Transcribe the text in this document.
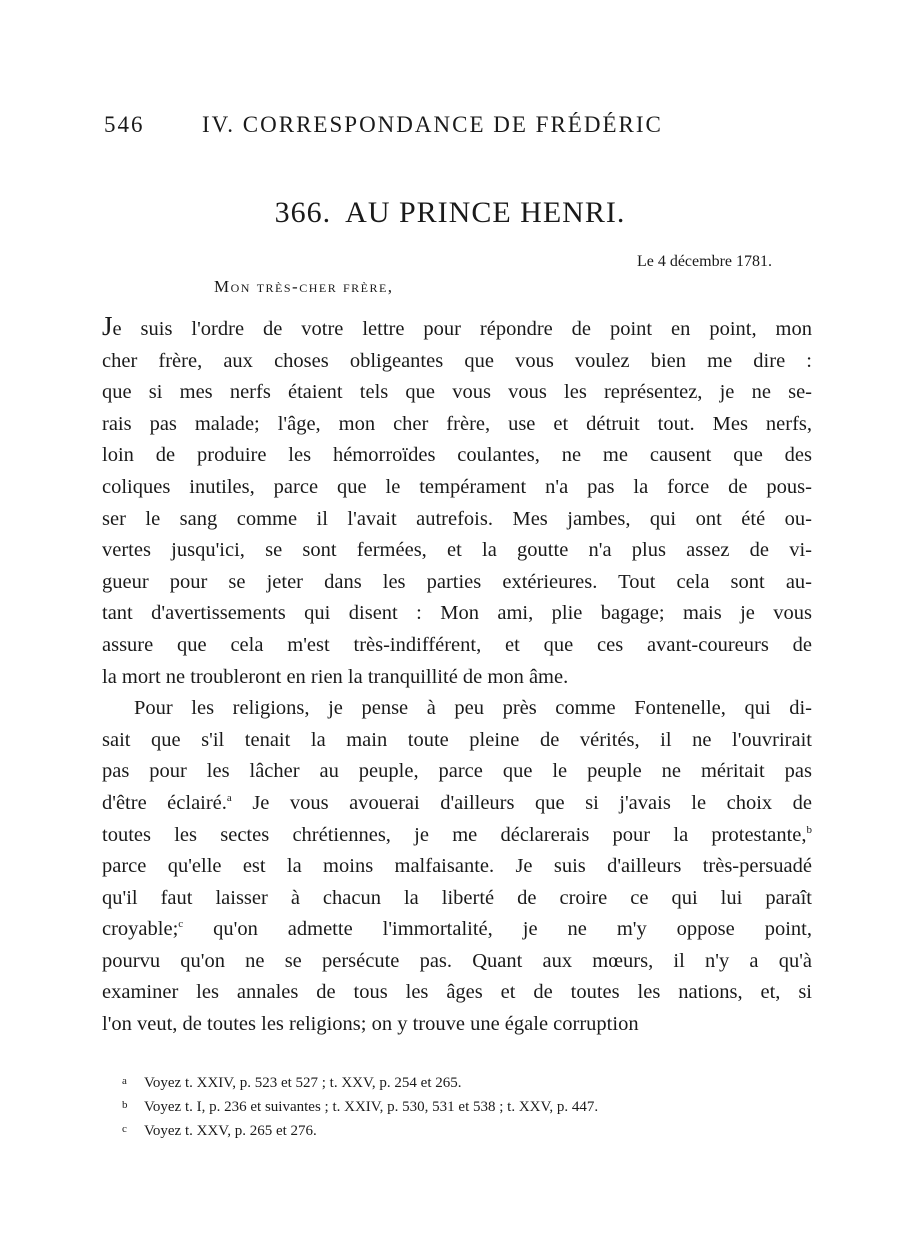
546	IV. CORRESPONDANCE DE FRÉDÉRIC
366. AU PRINCE HENRI.
Le 4 décembre 1781.
Mon très-cher frère,

Je suis l'ordre de votre lettre pour répondre de point en point, mon
cher frère, aux choses obligeantes que vous voulez bien me dire :
que si mes nerfs étaient tels que vous vous les représentez, je ne se-
rais pas malade; l'âge, mon cher frère, use et détruit tout. Mes nerfs,
loin de produire les hémorroïdes coulantes, ne me causent que des
coliques inutiles, parce que le tempérament n'a pas la force de pous-
ser le sang comme il l'avait autrefois. Mes jambes, qui ont été ou-
vertes jusqu'ici, se sont fermées, et la goutte n'a plus assez de vi-
gueur pour se jeter dans les parties extérieures. Tout cela sont au-
tant d'avertissements qui disent : Mon ami, plie bagage; mais je vous
assure que cela m'est très-indifférent, et que ces avant-coureurs de
la mort ne troubleront en rien la tranquillité de mon âme.

Pour les religions, je pense à peu près comme Fontenelle, qui di-
sait que s'il tenait la main toute pleine de vérités, il ne l'ouvrirait
pas pour les lâcher au peuple, parce que le peuple ne méritait pas
d'être éclairé.$^a$ Je vous avouerai d'ailleurs que si j'avais le choix de
toutes les sectes chrétiennes, je me déclarerais pour la protestante,$^b$
parce qu'elle est la moins malfaisante. Je suis d'ailleurs très-persuadé
qu'il faut laisser à chacun la liberté de croire ce qui lui paraît
croyable;$^c$ qu'on admette l'immortalité, je ne m'y oppose point,
pourvu qu'on ne se persécute pas. Quant aux mœurs, il n'y a qu'à
examiner les annales de tous les âges et de toutes les nations, et, si
l'on veut, de toutes les religions; on y trouve une égale corruption

a Voyez t. XXIV, p. 523 et 527 ; t. XXV, p. 254 et 265.
b Voyez t. I, p. 236 et suivantes ; t. XXIV, p. 530, 531 et 538 ; t. XXV, p. 447.
c Voyez t. XXV, p. 265 et 276.
